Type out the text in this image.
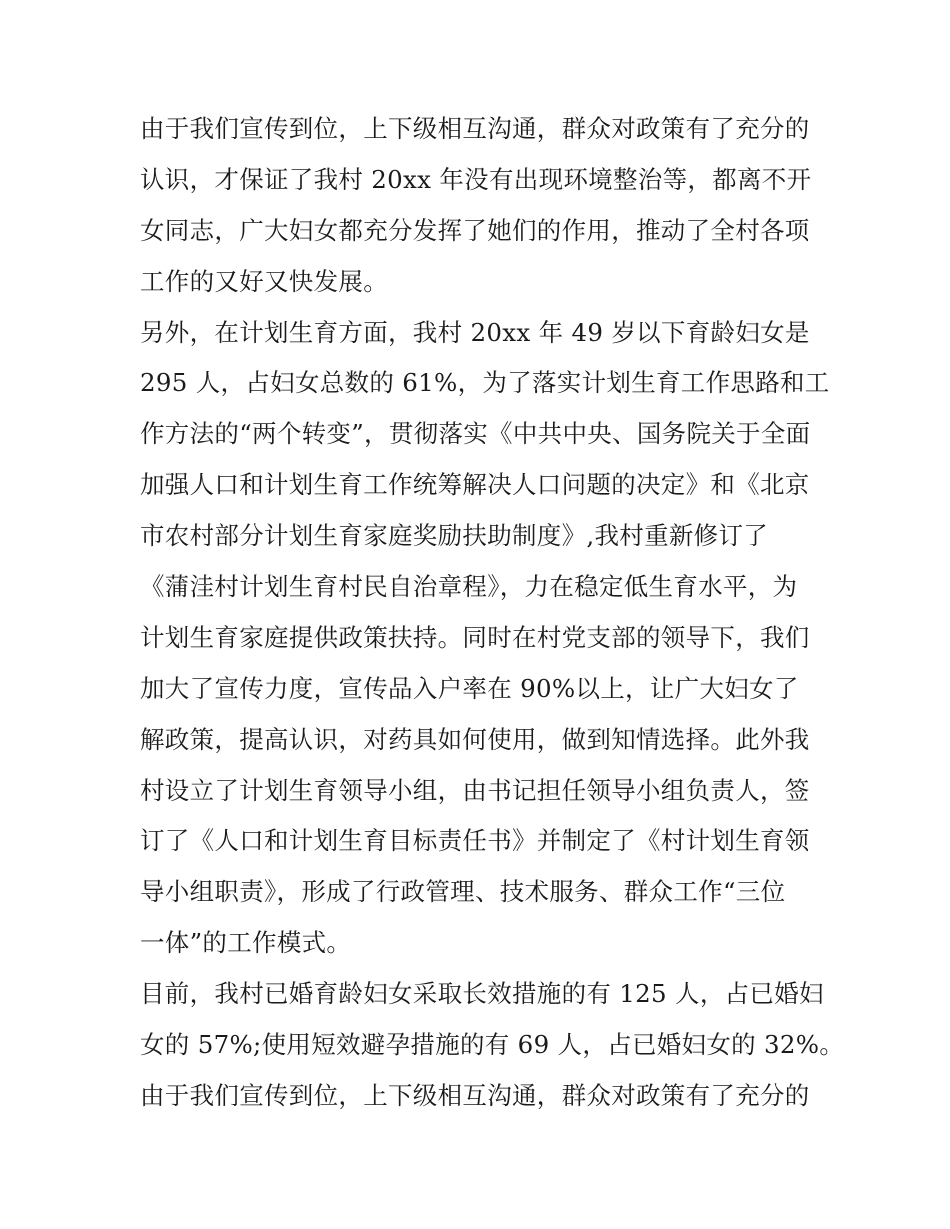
由于我们宣传到位，上下级相互沟通，群众对政策有了充分的
认识，才保证了我村 20xx 年没有出现环境整治等，都离不开
女同志，广大妇女都充分发挥了她们的作用，推动了全村各项
工作的又好又快发展。
另外，在计划生育方面，我村 20xx 年 49 岁以下育龄妇女是
295 人，占妇女总数的 61%，为了落实计划生育工作思路和工
作方法的“两个转变”，贯彻落实《中共中央、国务院关于全面
加强人口和计划生育工作统筹解决人口问题的决定》和《北京
市农村部分计划生育家庭奖励扶助制度》,我村重新修订了
《蒲洼村计划生育村民自治章程》，力在稳定低生育水平，为
计划生育家庭提供政策扶持。同时在村党支部的领导下，我们
加大了宣传力度，宣传品入户率在 90%以上，让广大妇女了
解政策，提高认识，对药具如何使用，做到知情选择。此外我
村设立了计划生育领导小组，由书记担任领导小组负责人，签
订了《人口和计划生育目标责任书》并制定了《村计划生育领
导小组职责》，形成了行政管理、技术服务、群众工作“三位
一体”的工作模式。
目前，我村已婚育龄妇女采取长效措施的有 125 人，占已婚妇
女的 57%;使用短效避孕措施的有 69 人，占已婚妇女的 32%。
由于我们宣传到位，上下级相互沟通，群众对政策有了充分的
